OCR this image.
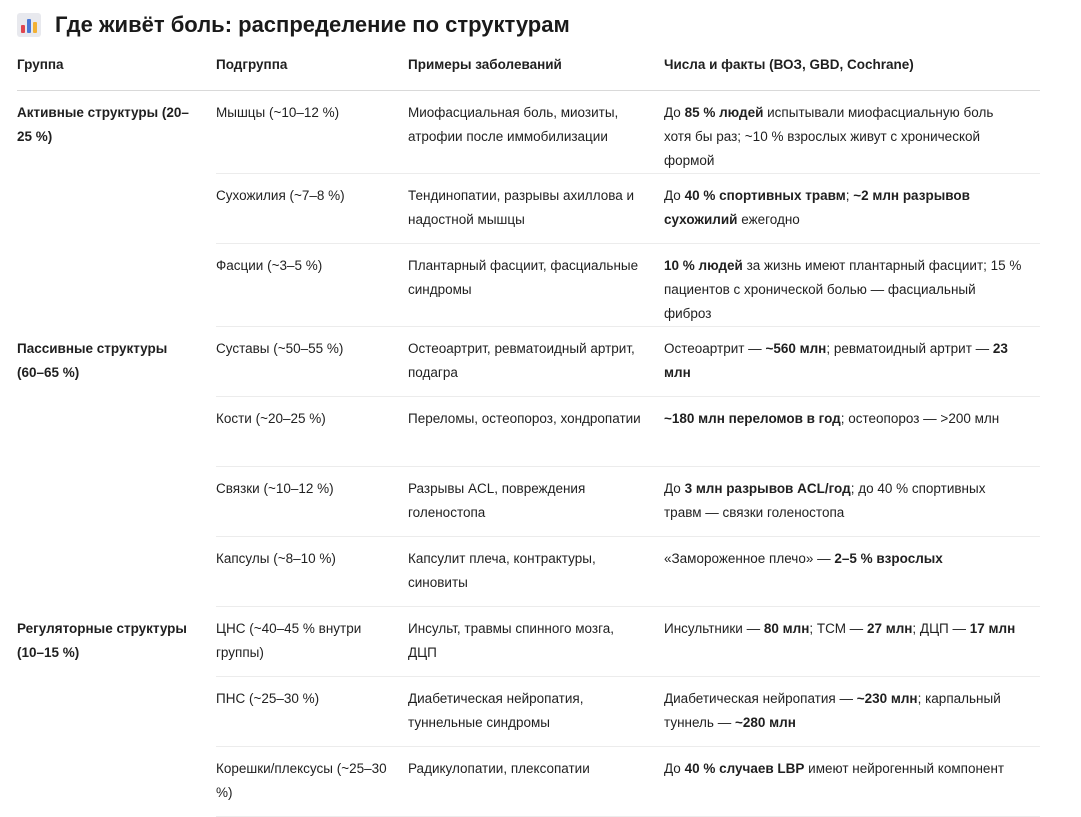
Где живёт боль: распределение по структурам
Группа	Подгруппа	Примеры заболеваний	Числа и факты (ВОЗ, GBD, Cochrane)

Активные структуры (20–25 %)	Мышцы (~10–12 %)	Миофасциальная боль, миозиты, атрофии после иммобилизации	До 85 % людей испытывали миофасциальную боль хотя бы раз; ~10 % взрослых живут с хронической формой

	Сухожилия (~7–8 %)	Тендинопатии, разрывы ахиллова и надостной мышцы	До 40 % спортивных травм; ~2 млн разрывов сухожилий ежегодно

	Фасции (~3–5 %)	Плантарный фасциит, фасциальные синдромы	10 % людей за жизнь имеют плантарный фасциит; 15 % пациентов с хронической болью — фасциальный фиброз

Пассивные структуры (60–65 %)	Суставы (~50–55 %)	Остеоартрит, ревматоидный артрит, подагра	Остеоартрит — ~560 млн; ревматоидный артрит — 23 млн

	Кости (~20–25 %)	Переломы, остеопороз, хондропатии	~180 млн переломов в год; остеопороз — >200 млн

	Связки (~10–12 %)	Разрывы ACL, повреждения голеностопа	До 3 млн разрывов ACL/год; до 40 % спортивных травм — связки голеностопа

	Капсулы (~8–10 %)	Капсулит плеча, контрактуры, синовиты	«Замороженное плечо» — 2–5 % взрослых

Регуляторные структуры (10–15 %)	ЦНС (~40–45 % внутри группы)	Инсульт, травмы спинного мозга, ДЦП	Инсультники — 80 млн; ТСМ — 27 млн; ДЦП — 17 млн

	ПНС (~25–30 %)	Диабетическая нейропатия, туннельные синдромы	Диабетическая нейропатия — ~230 млн; карпальный туннель — ~280 млн

	Корешки/плексусы (~25–30 %)	Радикулопатии, плексопатии	До 40 % случаев LBP имеют нейрогенный компонент
